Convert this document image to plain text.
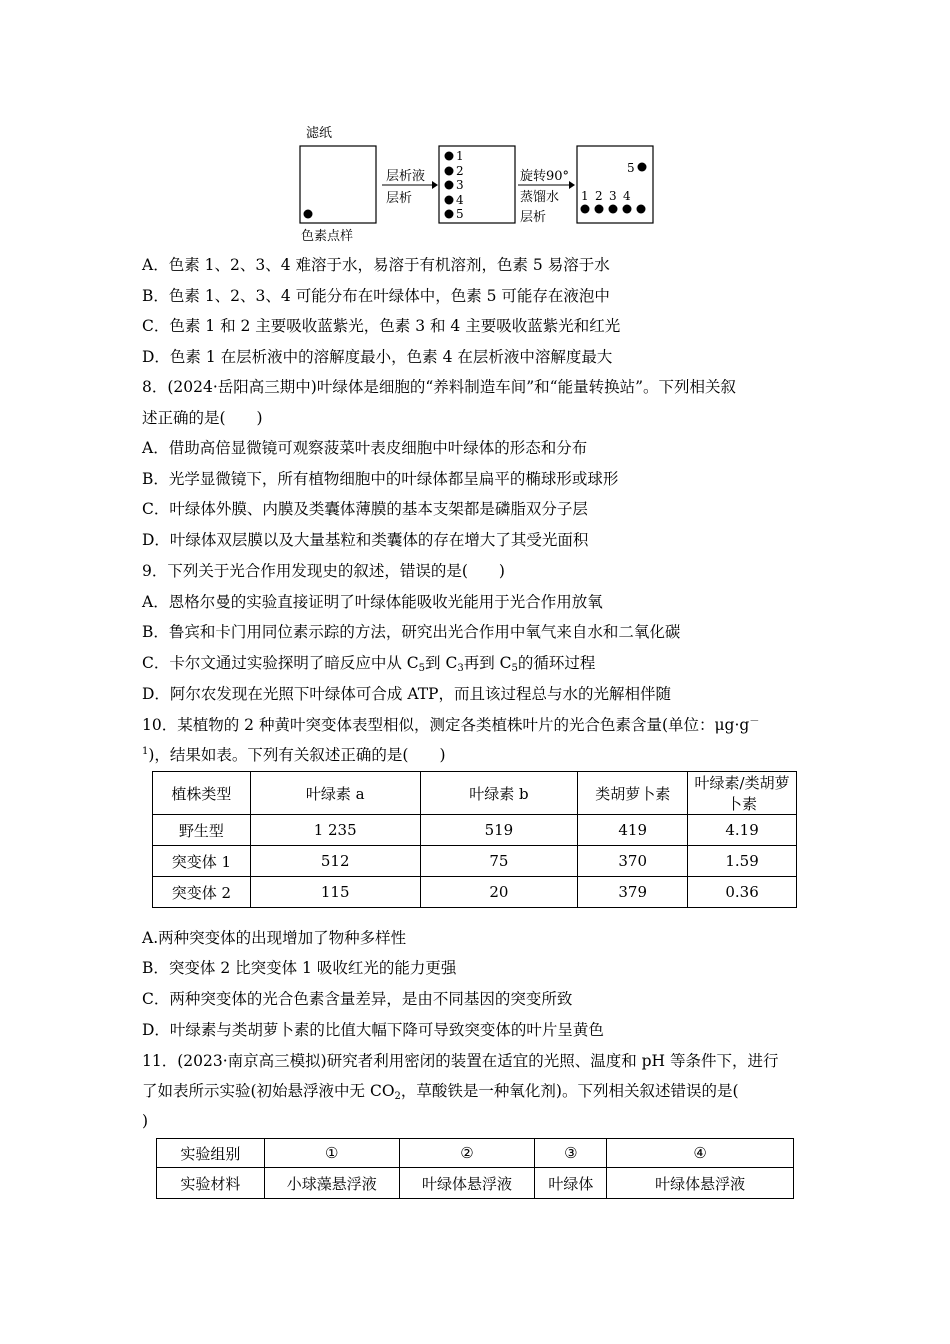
滤纸
色素点样
层析液
层析
1
2
3
4
5
旋转90°
蒸馏水
层析
5
1 2 3 4
A．色素 1、2、3、4 难溶于水，易溶于有机溶剂，色素 5 易溶于水
B．色素 1、2、3、4 可能分布在叶绿体中，色素 5 可能存在液泡中
C．色素 1 和 2 主要吸收蓝紫光，色素 3 和 4 主要吸收蓝紫光和红光
D．色素 1 在层析液中的溶解度最小，色素 4 在层析液中溶解度最大
8．(2024·岳阳高三期中)叶绿体是细胞的“养料制造车间”和“能量转换站”。下列相关叙
述正确的是(　　)
A．借助高倍显微镜可观察菠菜叶表皮细胞中叶绿体的形态和分布
B．光学显微镜下，所有植物细胞中的叶绿体都呈扁平的椭球形或球形
C．叶绿体外膜、内膜及类囊体薄膜的基本支架都是磷脂双分子层
D．叶绿体双层膜以及大量基粒和类囊体的存在增大了其受光面积
9．下列关于光合作用发现史的叙述，错误的是(　　)
A．恩格尔曼的实验直接证明了叶绿体能吸收光能用于光合作用放氧
B．鲁宾和卡门用同位素示踪的方法，研究出光合作用中氧气来自水和二氧化碳
C．卡尔文通过实验探明了暗反应中从 $C_5$到 $C_3$再到 $C_5$的循环过程
D．阿尔农发现在光照下叶绿体可合成 ATP，而且该过程总与水的光解相伴随
10．某植物的 2 种黄叶突变体表型相似，测定各类植株叶片的光合色素含量(单位：μg·g－
$^1$)，结果如表。下列有关叙述正确的是(　　)
植株类型	叶绿素 a	叶绿素 b	类胡萝卜素	叶绿素/类胡萝卜素
野生型	1 235	519	419	4.19
突变体 1	512	75	370	1.59
突变体 2	115	20	379	0.36
A.两种突变体的出现增加了物种多样性
B．突变体 2 比突变体 1 吸收红光的能力更强
C．两种突变体的光合色素含量差异，是由不同基因的突变所致
D．叶绿素与类胡萝卜素的比值大幅下降可导致突变体的叶片呈黄色
11．(2023·南京高三模拟)研究者利用密闭的装置在适宜的光照、温度和 pH 等条件下，进行
了如表所示实验(初始悬浮液中无 $CO_2$，草酸铁是一种氧化剂)。下列相关叙述错误的是(
)
实验组别	①	②	③	④
实验材料	小球藻悬浮液	叶绿体悬浮液	叶绿体	叶绿体悬浮液
